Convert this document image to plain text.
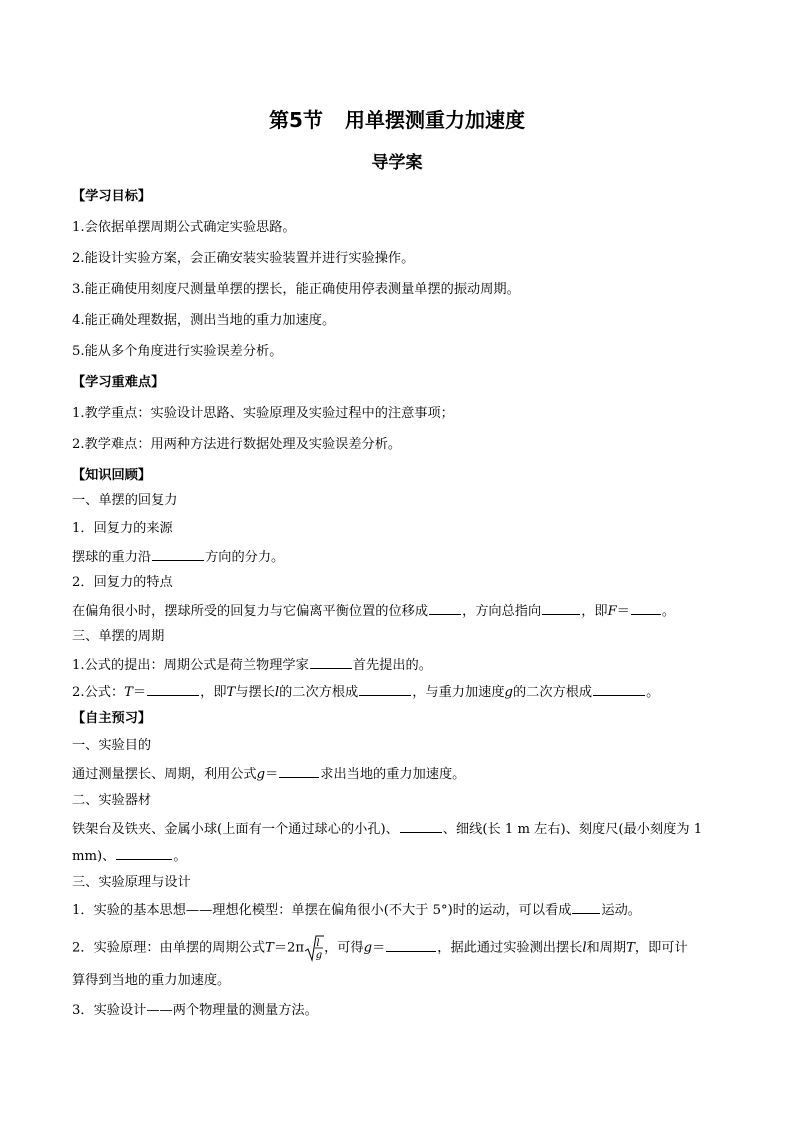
第5节 用单摆测重力加速度
导学案
【学习目标】
1.会依据单摆周期公式确定实验思路。
2.能设计实验方案，会正确安装实验装置并进行实验操作。
3.能正确使用刻度尺测量单摆的摆长，能正确使用停表测量单摆的振动周期。
4.能正确处理数据，测出当地的重力加速度。
5.能从多个角度进行实验误差分析。
【学习重难点】
1.教学重点：实验设计思路、实验原理及实验过程中的注意事项；
2.教学难点：用两种方法进行数据处理及实验误差分析。
【知识回顾】
一、单摆的回复力
1．回复力的来源
摆球的重力沿	方向的分力。
2．回复力的特点
在偏角很小时，摆球所受的回复力与它偏离平衡位置的位移成	，方向总指向	，即F＝ 。
三、单摆的周期
1.公式的提出：周期公式是荷兰物理学家	首先提出的。
2.公式：T＝	，即T与摆长l的二次方根成	，与重力加速度g的二次方根成	。
【自主预习】
一、实验目的
通过测量摆长、周期，利用公式g＝	求出当地的重力加速度。
二、实验器材
铁架台及铁夹、金属小球(上面有一个通过球心的小孔)、	、细线(长 1 m 左右)、刻度尺(最小刻度为 1
mm)、	。
三、实验原理与设计
1．实验的基本思想——理想化模型：单摆在偏角很小(不大于 5°)时的运动，可以看成 运动。
2．实验原理：由单摆的周期公式T＝2π l
g ，可得g＝	，据此通过实验测出摆长l和周期T，即可计
算得到当地的重力加速度。
3．实验设计——两个物理量的测量方法。
